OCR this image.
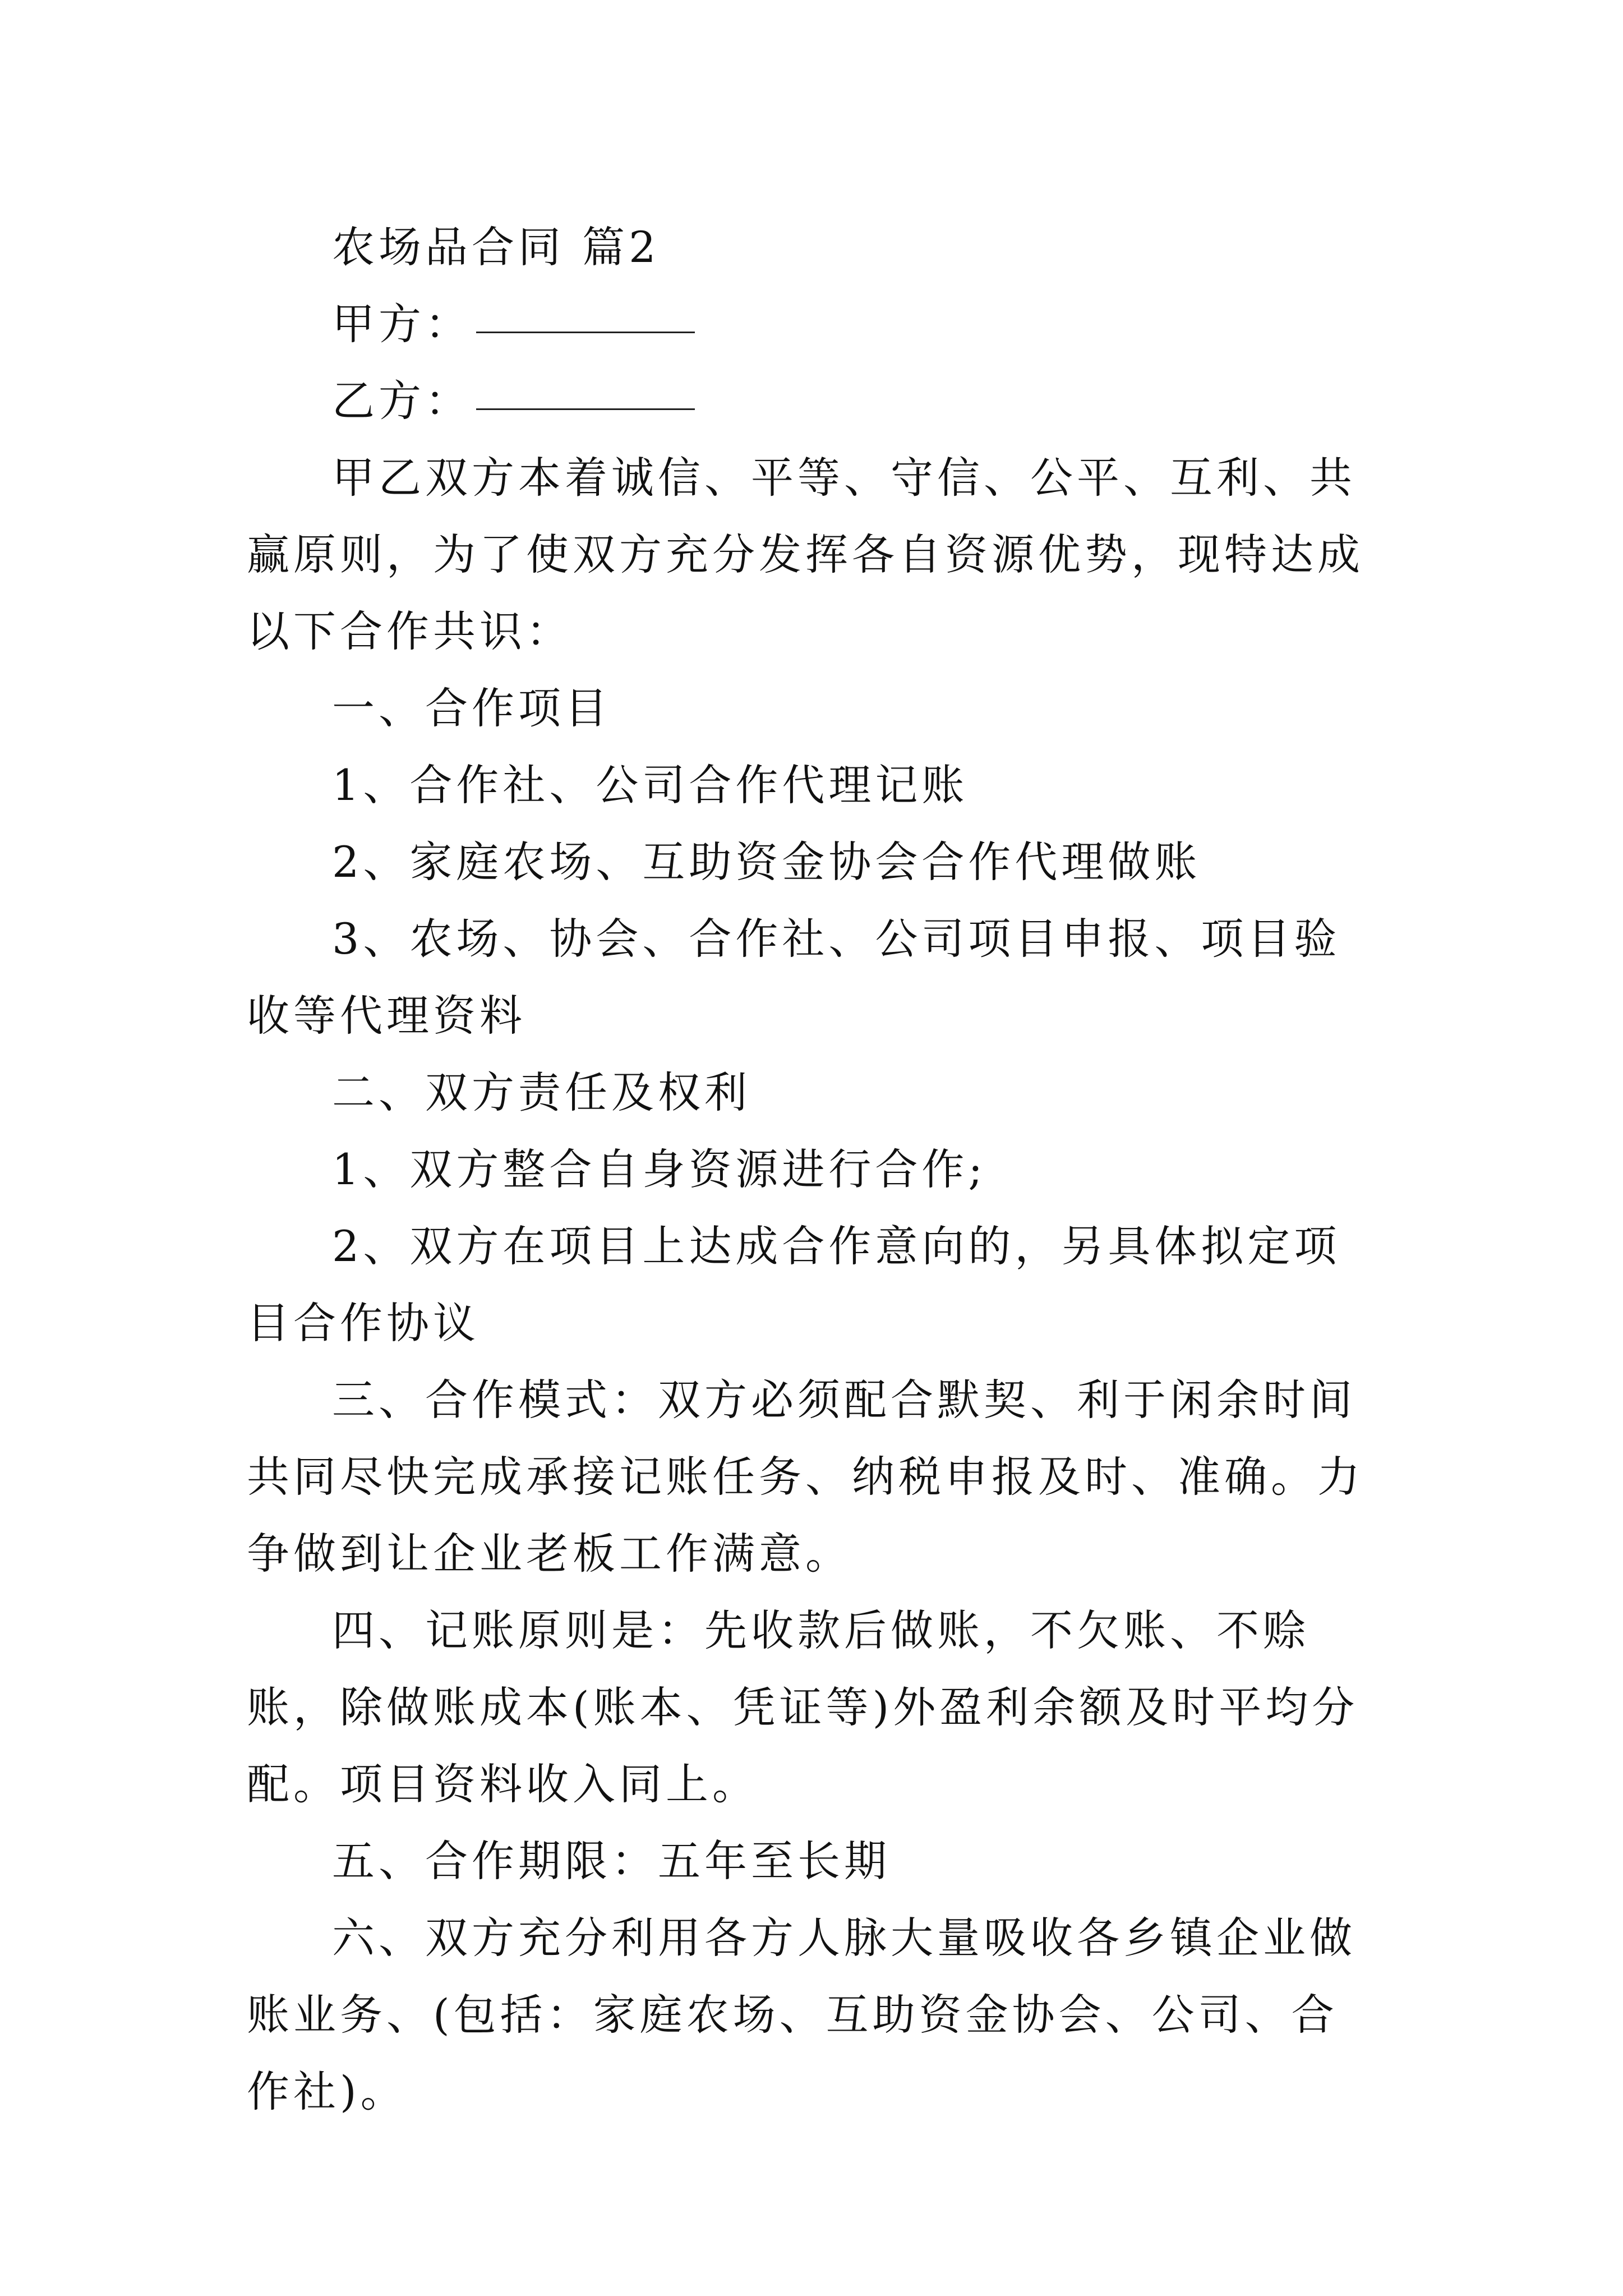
农场品合同 篇2

甲方：

乙方：

甲乙双方本着诚信、平等、守信、公平、互利、共赢原则，为了使双方充分发挥各自资源优势，现特达成以下合作共识：

一、合作项目

1、合作社、公司合作代理记账

2、家庭农场、互助资金协会合作代理做账

3、农场、协会、合作社、公司项目申报、项目验收等代理资料

二、双方责任及权利

1、双方整合自身资源进行合作;

2、双方在项目上达成合作意向的，另具体拟定项目合作协议

三、合作模式：双方必须配合默契、利于闲余时间共同尽快完成承接记账任务、纳税申报及时、准确。力争做到让企业老板工作满意。

四、记账原则是：先收款后做账，不欠账、不赊账，除做账成本(账本、凭证等)外盈利余额及时平均分配。项目资料收入同上。

五、合作期限：五年至长期

六、双方充分利用各方人脉大量吸收各乡镇企业做账业务、(包括：家庭农场、互助资金协会、公司、合作社)。
